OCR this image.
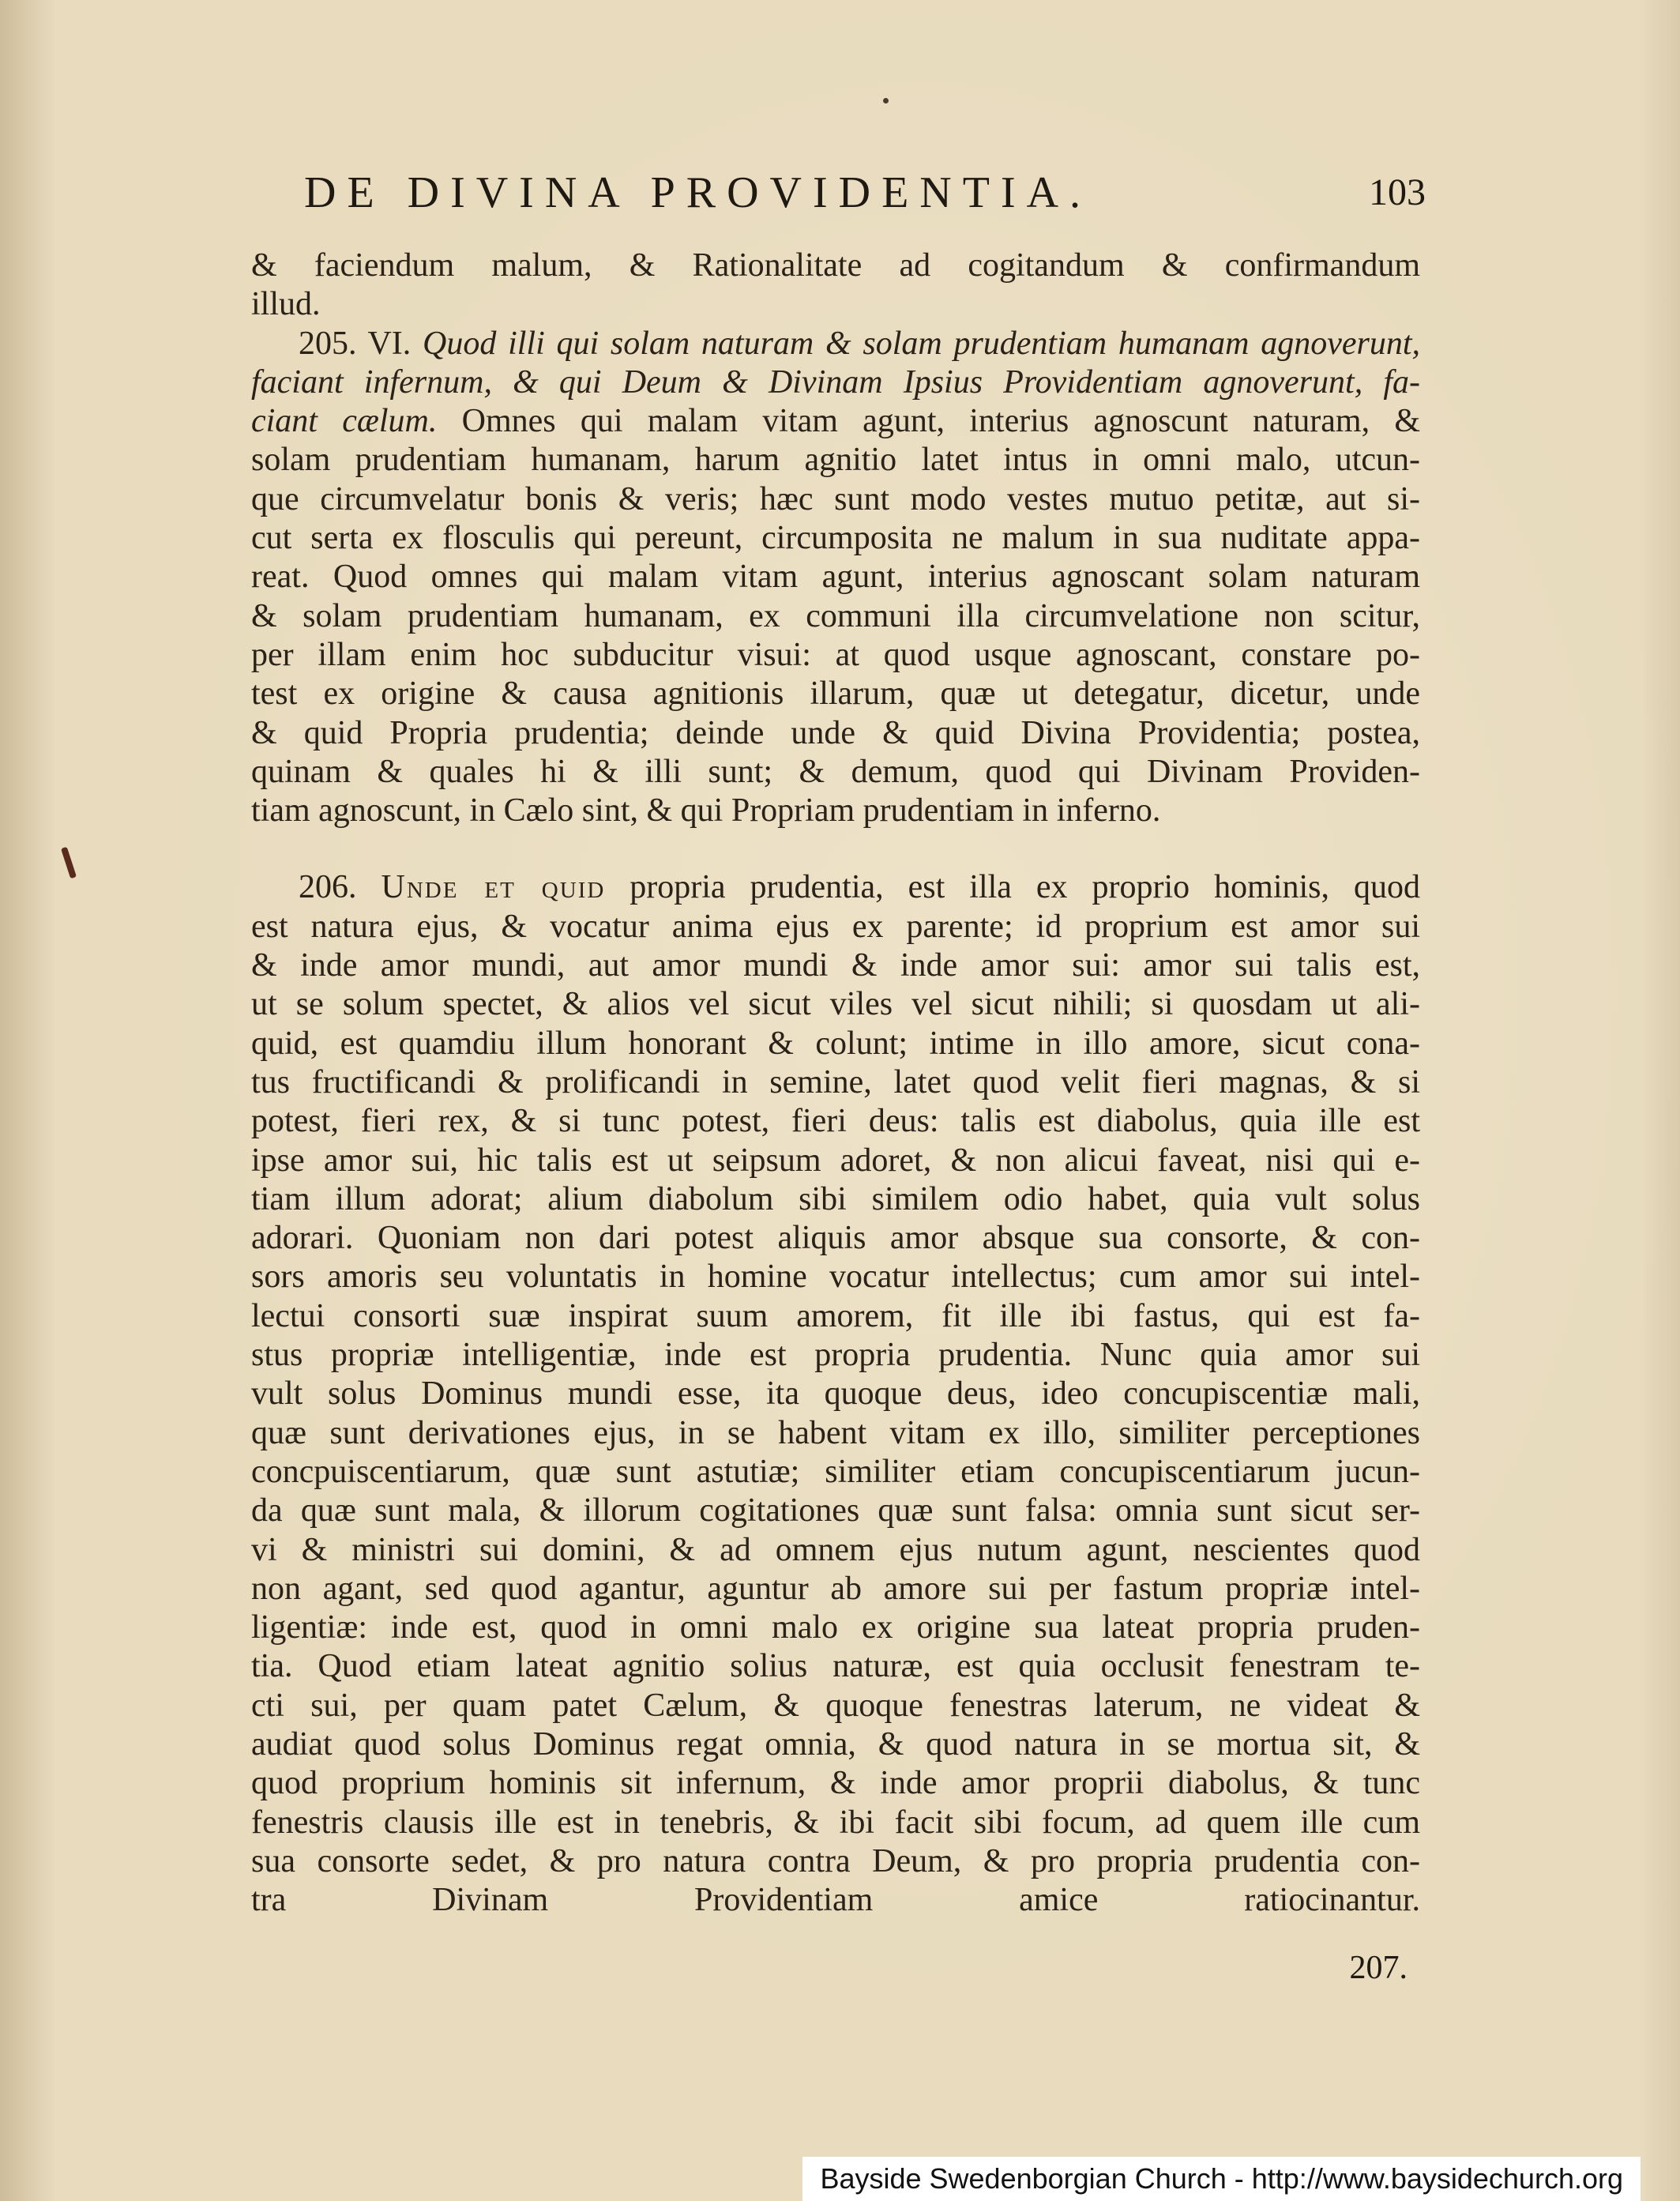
DE DIVINA PROVIDENTIA.	103
& faciendum malum, & Rationalitate ad cogitandum & confirmandum
illud.
205. VI. Quod illi qui solam naturam & solam prudentiam humanam agnoverunt,
faciant infernum, & qui Deum & Divinam Ipsius Providentiam agnoverunt, fa-
ciant cælum. Omnes qui malam vitam agunt, interius agnoscunt naturam, &
solam prudentiam humanam, harum agnitio latet intus in omni malo, utcun-
que circumvelatur bonis & veris; hæc sunt modo vestes mutuo petitæ, aut si-
cut serta ex flosculis qui pereunt, circumposita ne malum in sua nuditate appa-
reat. Quod omnes qui malam vitam agunt, interius agnoscant solam naturam
& solam prudentiam humanam, ex communi illa circumvelatione non scitur,
per illam enim hoc subducitur visui: at quod usque agnoscant, constare po-
test ex origine & causa agnitionis illarum, quæ ut detegatur, dicetur, unde
& quid Propria prudentia; deinde unde & quid Divina Providentia; postea,
quinam & quales hi & illi sunt; & demum, quod qui Divinam Providen-
tiam agnoscunt, in Cælo sint, & qui Propriam prudentiam in inferno.
206. Unde et quid propria prudentia, est illa ex proprio hominis, quod
est natura ejus, & vocatur anima ejus ex parente; id proprium est amor sui
& inde amor mundi, aut amor mundi & inde amor sui: amor sui talis est,
ut se solum spectet, & alios vel sicut viles vel sicut nihili; si quosdam ut ali-
quid, est quamdiu illum honorant & colunt; intime in illo amore, sicut cona-
tus fructificandi & prolificandi in semine, latet quod velit fieri magnas, & si
potest, fieri rex, & si tunc potest, fieri deus: talis est diabolus, quia ille est
ipse amor sui, hic talis est ut seipsum adoret, & non alicui faveat, nisi qui e-
tiam illum adorat; alium diabolum sibi similem odio habet, quia vult solus
adorari. Quoniam non dari potest aliquis amor absque sua consorte, & con-
sors amoris seu voluntatis in homine vocatur intellectus; cum amor sui intel-
lectui consorti suæ inspirat suum amorem, fit ille ibi fastus, qui est fa-
stus propriæ intelligentiæ, inde est propria prudentia. Nunc quia amor sui
vult solus Dominus mundi esse, ita quoque deus, ideo concupiscentiæ mali,
quæ sunt derivationes ejus, in se habent vitam ex illo, similiter perceptiones
concpuiscentiarum, quæ sunt astutiæ; similiter etiam concupiscentiarum jucun-
da quæ sunt mala, & illorum cogitationes quæ sunt falsa: omnia sunt sicut ser-
vi & ministri sui domini, & ad omnem ejus nutum agunt, nescientes quod
non agant, sed quod agantur, aguntur ab amore sui per fastum propriæ intel-
ligentiæ: inde est, quod in omni malo ex origine sua lateat propria pruden-
tia. Quod etiam lateat agnitio solius naturæ, est quia occlusit fenestram te-
cti sui, per quam patet Cælum, & quoque fenestras laterum, ne videat &
audiat quod solus Dominus regat omnia, & quod natura in se mortua sit, &
quod proprium hominis sit infernum, & inde amor proprii diabolus, & tunc
fenestris clausis ille est in tenebris, & ibi facit sibi focum, ad quem ille cum
sua consorte sedet, & pro natura contra Deum, & pro propria prudentia con-
tra Divinam Providentiam amice ratiocinantur.
207.
Bayside Swedenborgian Church - http://www.baysidechurch.org
